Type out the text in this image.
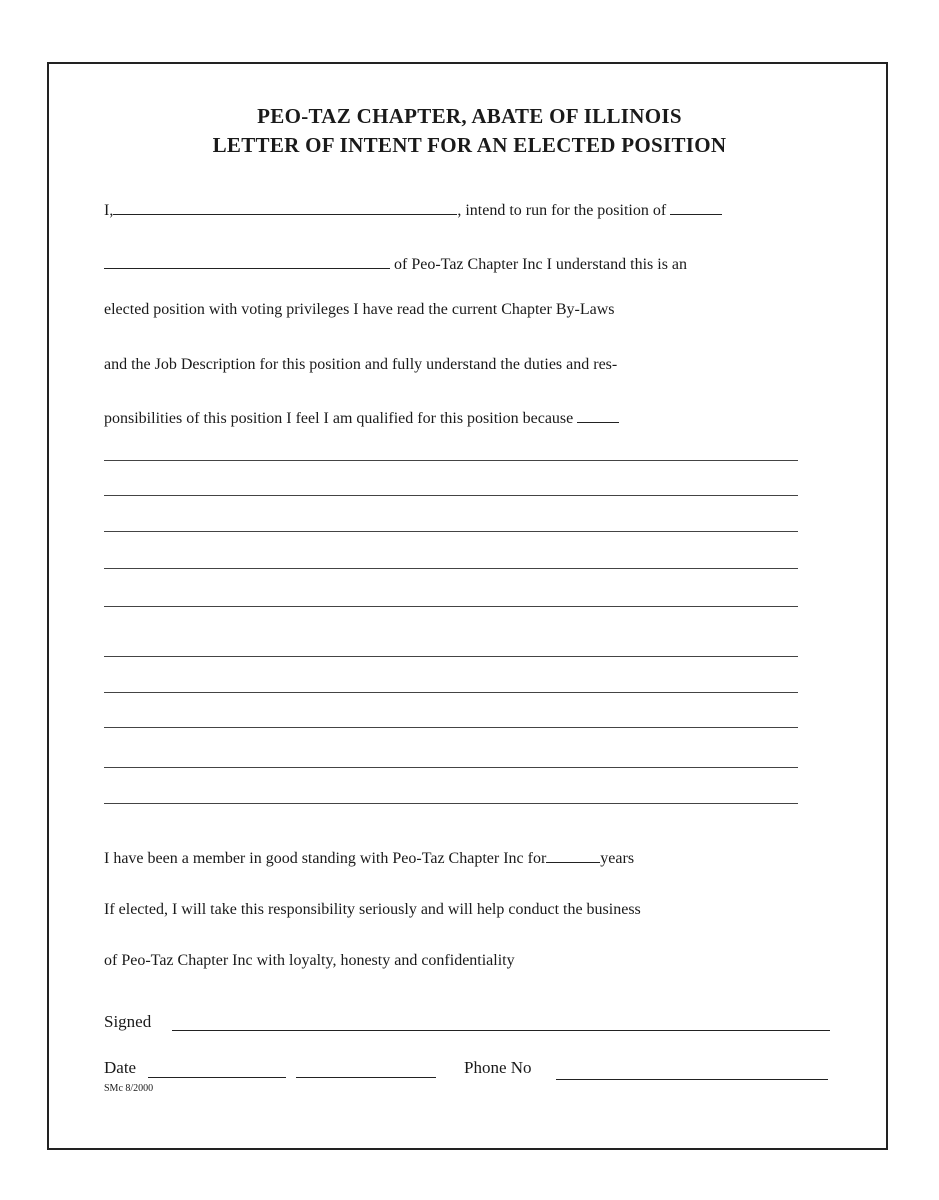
PEO-TAZ CHAPTER, ABATE OF ILLINOIS
LETTER OF INTENT FOR AN ELECTED POSITION
I,	, intend to run for the position of
of Peo-Taz Chapter Inc I understand this is an
elected position with voting privileges I have read the current Chapter By-Laws
and the Job Description for this position and fully understand the duties and res-
ponsibilities of this position I feel I am qualified for this position because
I have been a member in good standing with Peo-Taz Chapter Inc for	years
If elected, I will take this responsibility seriously and will help conduct the business
of Peo-Taz Chapter Inc with loyalty, honesty and confidentiality
Signed
Date	Phone No
SMc 8/2000
